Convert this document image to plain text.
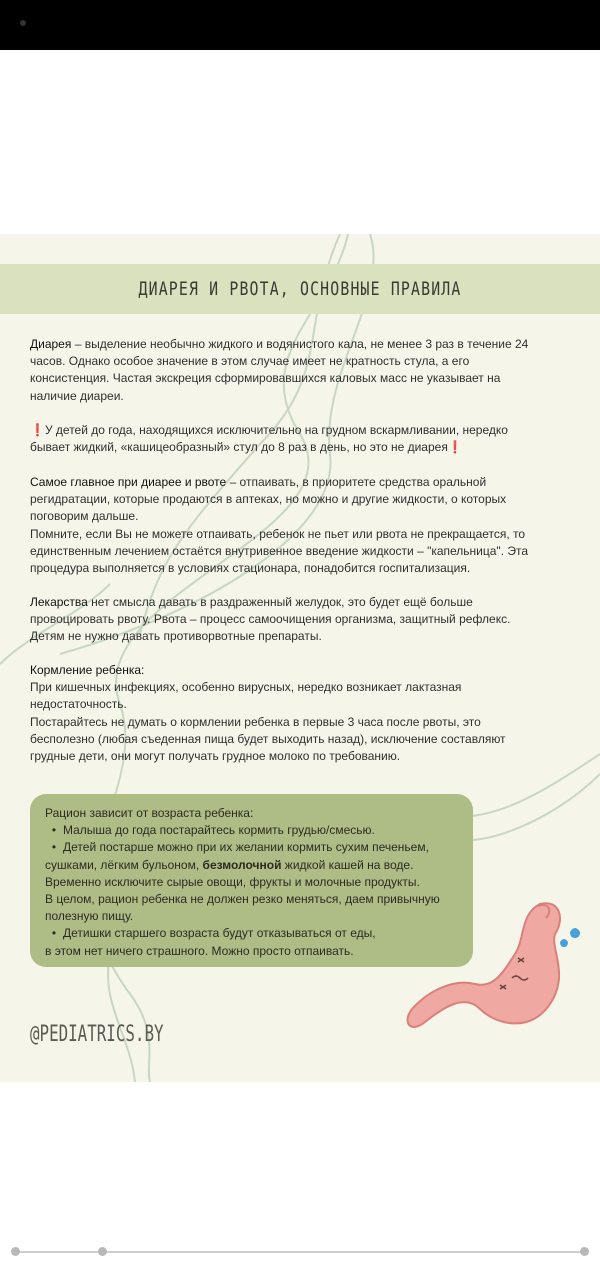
ДИАРЕЯ И РВОТА, ОСНОВНЫЕ ПРАВИЛА
Диарея – выделение необычно жидкого и водянистого кала, не менее 3 раз в течение 24 часов. Однако особое значение в этом случае имеет не кратность стула, а его консистенция. Частая экскреция сформировавшихся каловых масс не указывает на наличие диареи.
❗У детей до года, находящихся исключительно на грудном вскармливании, нередко бывает жидкий, «кашицеобразный» стул до 8 раз в день, но это не диарея❗
Самое главное при диарее и рвоте – отпаивать, в приоритете средства оральной регидратации, которые продаются в аптеках, но можно и другие жидкости, о которых поговорим дальше.
Помните, если Вы не можете отпаивать, ребенок не пьет или рвота не прекращается, то единственным лечением остаётся внутривенное введение жидкости – "капельница". Эта процедура выполняется в условиях стационара, понадобится госпитализация.
Лекарства нет смысла давать в раздраженный желудок, это будет ещё больше провоцировать рвоту. Рвота – процесс самоочищения организма, защитный рефлекс. Детям не нужно давать противорвотные препараты.
Кормление ребенка:
При кишечных инфекциях, особенно вирусных, нередко возникает лактазная недостаточность.
Постарайтесь не думать о кормлении ребенка в первые 3 часа после рвоты, это бесполезно (любая съеденная пища будет выходить назад), исключение составляют грудные дети, они могут получать грудное молоко по требованию.
Рацион зависит от возраста ребенка:
• Малыша до года постарайтесь кормить грудью/смесью.
• Детей постарше можно при их желании кормить сухим печеньем, сушками, лёгким бульоном, безмолочной жидкой кашей на воде.
Временно исключите сырые овощи, фрукты и молочные продукты.
В целом, рацион ребенка не должен резко меняться, даем привычную полезную пищу.
• Детишки старшего возраста будут отказываться от еды,
в этом нет ничего страшного. Можно просто отпаивать.
@PEDIATRICS.BY
